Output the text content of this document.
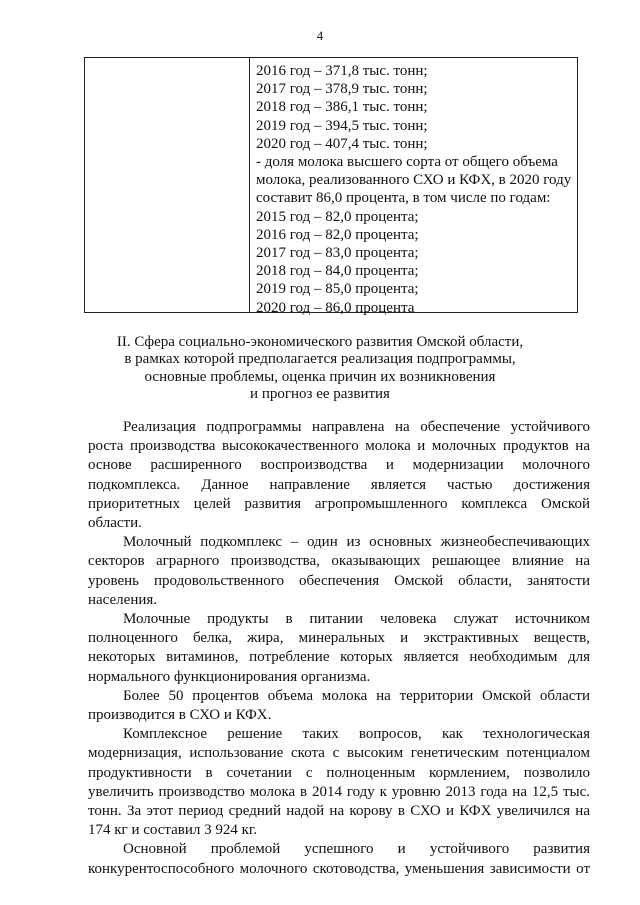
4
2016 год – 371,8 тыс. тонн;
2017 год – 378,9 тыс. тонн;
2018 год – 386,1 тыс. тонн;
2019 год – 394,5 тыс. тонн;
2020 год – 407,4 тыс. тонн;
- доля молока высшего сорта от общего объема
молока, реализованного СХО и КФХ, в 2020 году
составит 86,0 процента, в том числе по годам:
2015 год – 82,0 процента;
2016 год – 82,0 процента;
2017 год – 83,0 процента;
2018 год – 84,0 процента;
2019 год – 85,0 процента;
2020 год – 86,0 процента
II. Сфера социально-экономического развития Омской области,
в рамках которой предполагается реализация подпрограммы,
основные проблемы, оценка причин их возникновения
и прогноз ее развития

Реализация подпрограммы направлена на обеспечение устойчивого

роста производства высококачественного молока и молочных продуктов на

основе расширенного воспроизводства и модернизации молочного

подкомплекса. Данное направление является частью достижения

приоритетных целей развития агропромышленного комплекса Омской

области.

Молочный подкомплекс – один из основных жизнеобеспечивающих

секторов аграрного производства, оказывающих решающее влияние на

уровень продовольственного обеспечения Омской области, занятости

населения.

Молочные продукты в питании человека служат источником

полноценного белка, жира, минеральных и экстрактивных веществ,

некоторых витаминов, потребление которых является необходимым для

нормального функционирования организма.

Более 50 процентов объема молока на территории Омской области

производится в СХО и КФХ.

Комплексное решение таких вопросов, как технологическая

модернизация, использование скота с высоким генетическим потенциалом

продуктивности в сочетании с полноценным кормлением, позволило

увеличить производство молока в 2014 году к уровню 2013 года на 12,5 тыс.

тонн. За этот период средний надой на корову в СХО и КФХ увеличился на

174 кг и составил 3 924 кг.

Основной проблемой успешного и устойчивого развития

конкурентоспособного молочного скотоводства, уменьшения зависимости от
